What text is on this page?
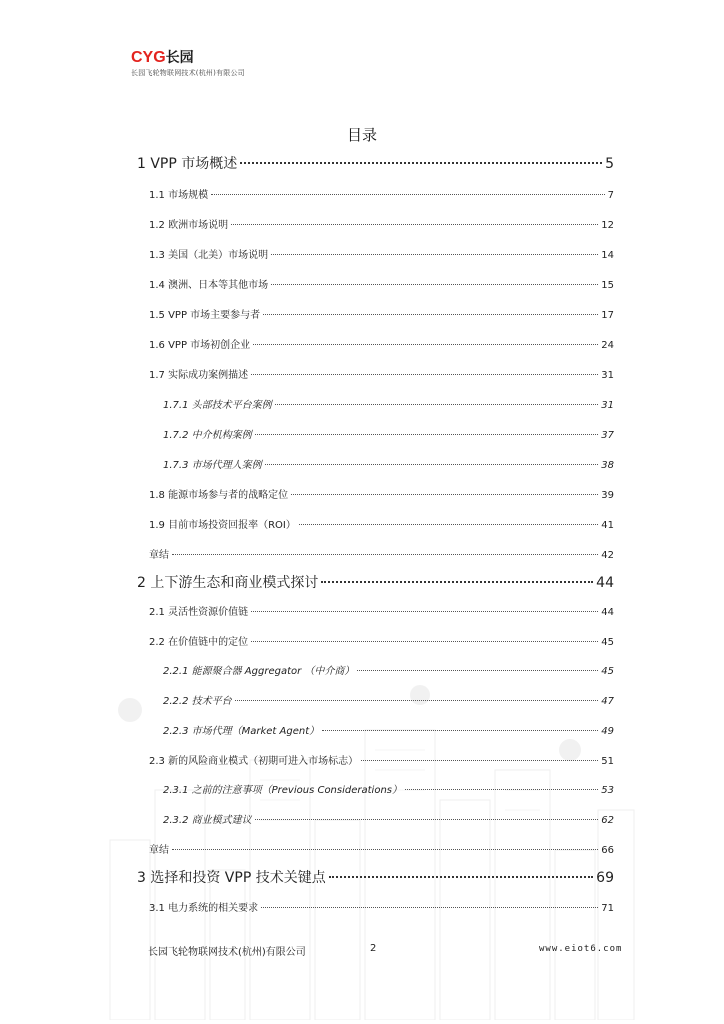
CYG长园
长园飞轮物联网技术(杭州)有限公司
目录
1 VPP 市场概述	5
1.1 市场规模	7
1.2 欧洲市场说明	12
1.3 美国（北美）市场说明	14
1.4 澳洲、日本等其他市场	15
1.5 VPP 市场主要参与者	17
1.6 VPP 市场初创企业	24
1.7 实际成功案例描述	31
1.7.1 头部技术平台案例	31
1.7.2 中介机构案例	37
1.7.3 市场代理人案例	38
1.8 能源市场参与者的战略定位	39
1.9 目前市场投资回报率（ROI）	41
章结	42
2 上下游生态和商业模式探讨	44
2.1 灵活性资源价值链	44
2.2 在价值链中的定位	45
2.2.1 能源聚合器 Aggregator （中介商）	45
2.2.2 技术平台	47
2.2.3 市场代理（Market Agent）	49
2.3 新的风险商业模式（初期可进入市场标志）	51
2.3.1 之前的注意事项（Previous Considerations）	53
2.3.2 商业模式建议	62
章结	66
3 选择和投资 VPP 技术关键点	69
3.1 电力系统的相关要求	71
长园飞轮物联网技术(杭州)有限公司	2	www.eiot6.com
